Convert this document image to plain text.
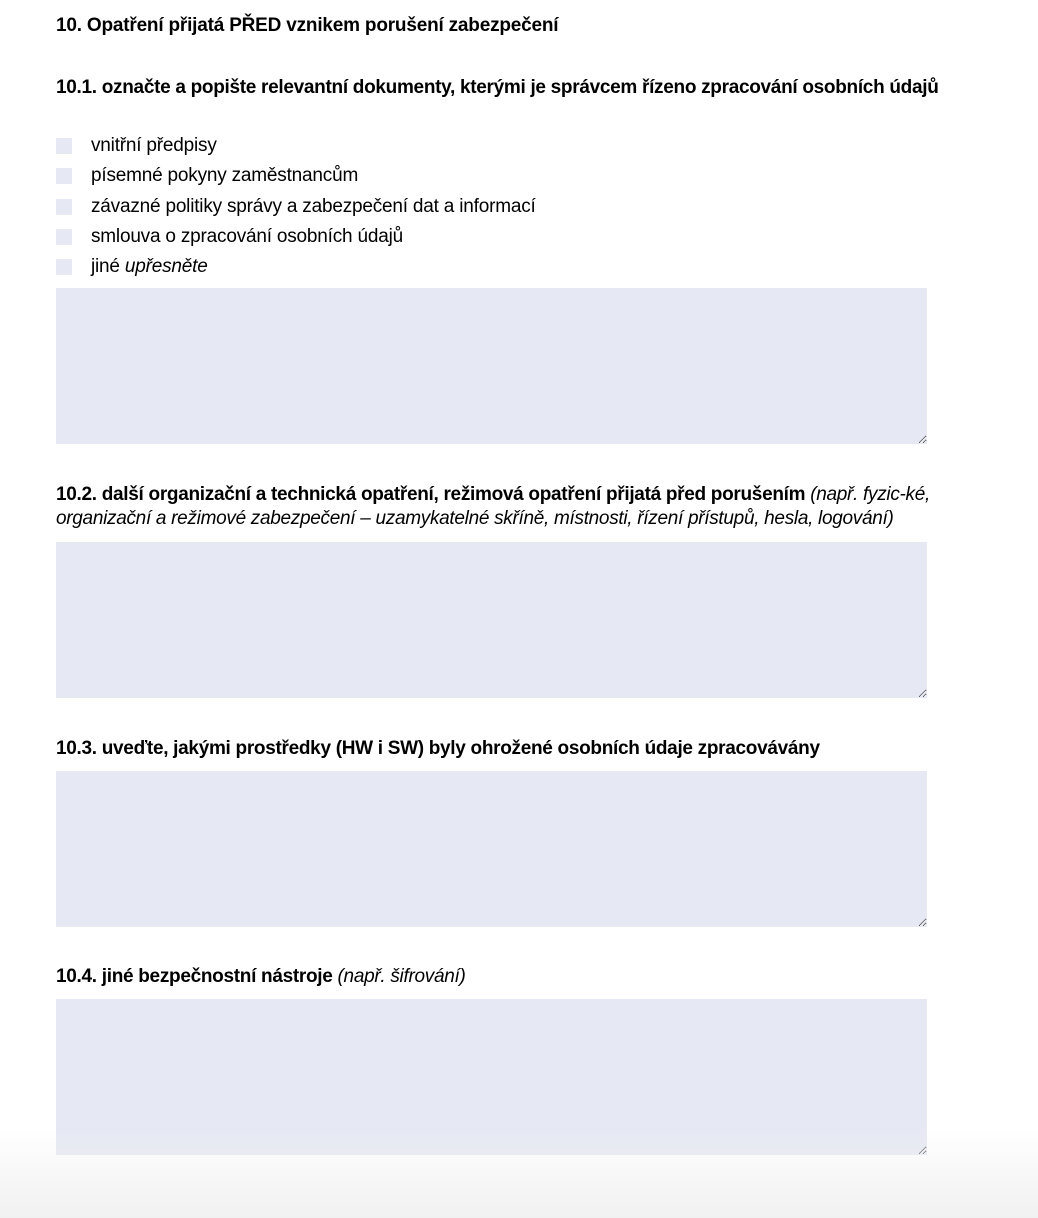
10. Opatření přijatá PŘED vznikem porušení zabezpečení
10.1. označte a popište relevantní dokumenty, kterými je správcem řízeno zpracování osobních údajů
vnitřní předpisy
písemné pokyny zaměstnancům
závazné politiky správy a zabezpečení dat a informací
smlouva o zpracování osobních údajů
jiné upřesněte
10.2. další organizační a technická opatření, režimová opatření přijatá před porušením (např. fyzic-ké, organizační a režimové zabezpečení – uzamykatelné skříně, místnosti, řízení přístupů, hesla, logování)
10.3. uveďte, jakými prostředky (HW i SW) byly ohrožené osobních údaje zpracovávány
10.4. jiné bezpečnostní nástroje (např. šifrování)
